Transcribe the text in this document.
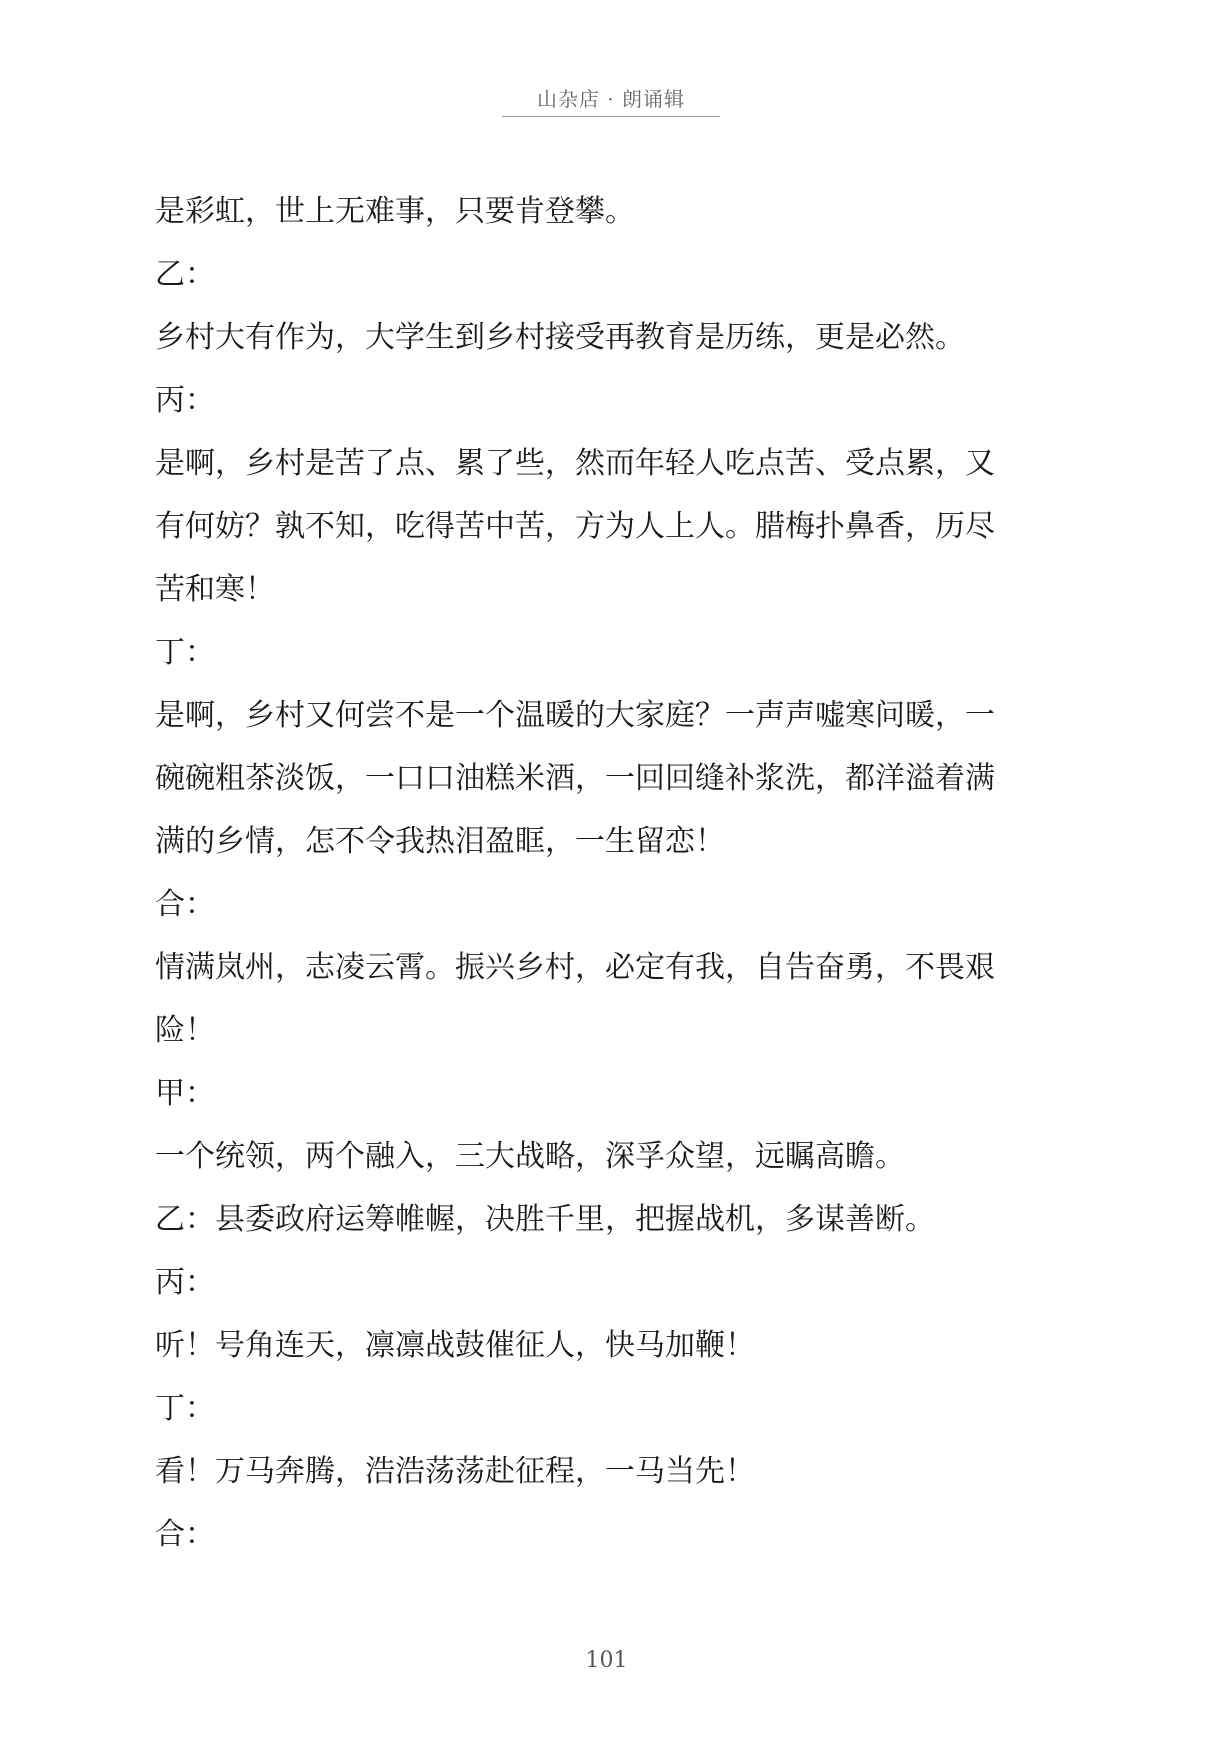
山杂店 · 朗诵辑
是彩虹，世上无难事，只要肯登攀。
乙：
乡村大有作为，大学生到乡村接受再教育是历练，更是必然。
丙：
是啊，乡村是苦了点、累了些，然而年轻人吃点苦、受点累，又
有何妨？孰不知，吃得苦中苦，方为人上人。腊梅扑鼻香，历尽
苦和寒！
丁：
是啊，乡村又何尝不是一个温暖的大家庭？一声声嘘寒问暖，一
碗碗粗茶淡饭，一口口油糕米酒，一回回缝补浆洗，都洋溢着满
满的乡情，怎不令我热泪盈眶，一生留恋！
合：
情满岚州，志凌云霄。振兴乡村，必定有我，自告奋勇，不畏艰
险！
甲：
一个统领，两个融入，三大战略，深孚众望，远瞩高瞻。
乙：县委政府运筹帷幄，决胜千里，把握战机，多谋善断。
丙：
听！号角连天，凛凛战鼓催征人，快马加鞭！
丁：
看！万马奔腾，浩浩荡荡赴征程，一马当先！
合：
101
